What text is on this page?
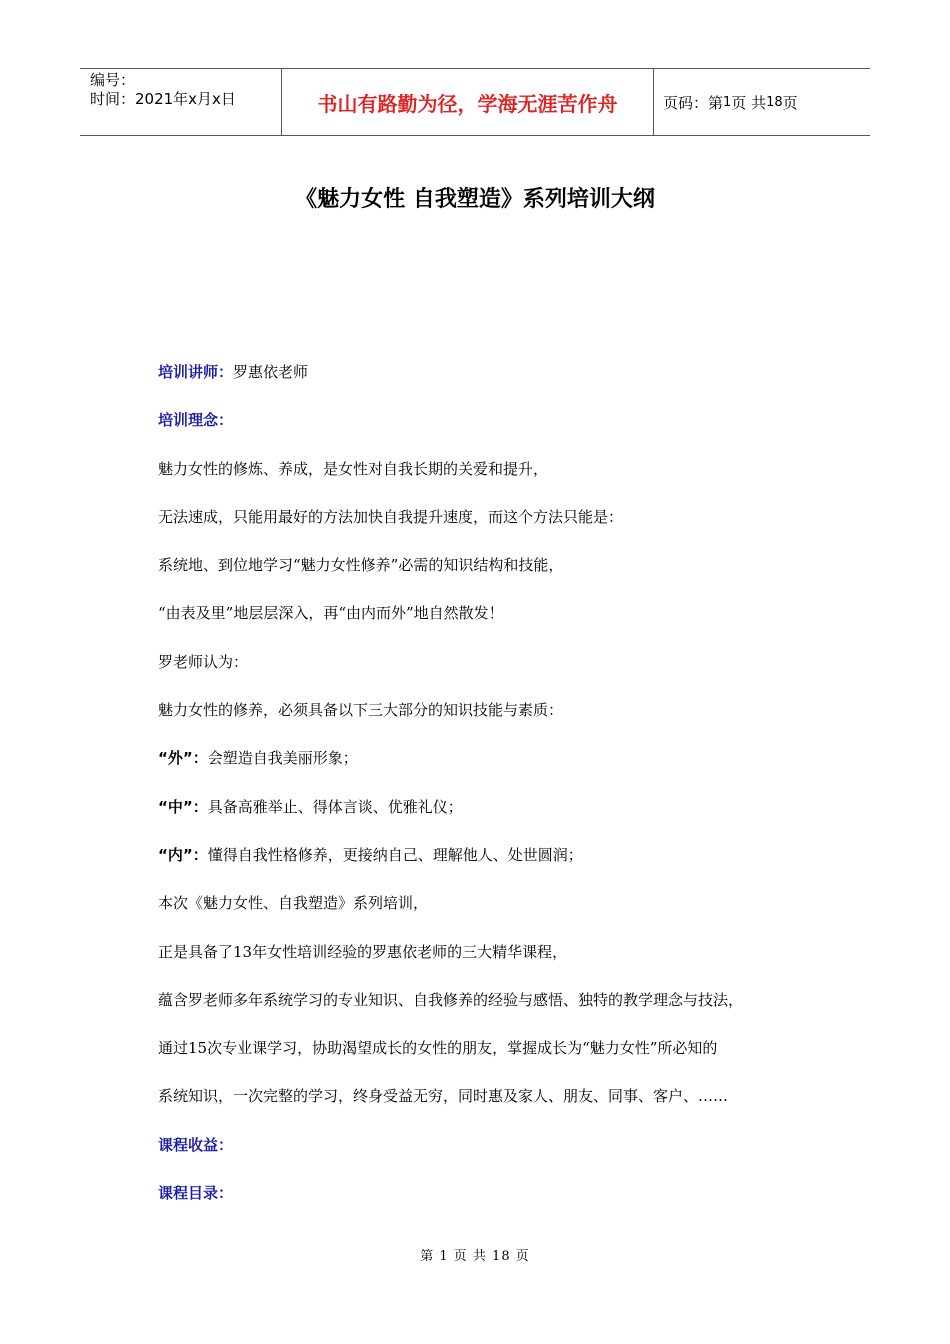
编号：
时间：2021年x月x日	书山有路勤为径，学海无涯苦作舟	页码：第 1 页 共 18 页
《魅力女性 自我塑造》系列培训大纲
培训讲师：罗惠依老师
培训理念：
魅力女性的修炼、养成，是女性对自我长期的关爱和提升，
无法速成，只能用最好的方法加快自我提升速度，而这个方法只能是：
系统地、到位地学习“魅力女性修养”必需的知识结构和技能，
“由表及里”地层层深入，再“由内而外”地自然散发！
罗老师认为：
魅力女性的修养，必须具备以下三大部分的知识技能与素质：
“外”：会塑造自我美丽形象；
“中”：具备高雅举止、得体言谈、优雅礼仪；
“内”：懂得自我性格修养，更接纳自己、理解他人、处世圆润；
本次《魅力女性、自我塑造》系列培训，
正是具备了13年女性培训经验的罗惠依老师的三大精华课程，
蕴含罗老师多年系统学习的专业知识、自我修养的经验与感悟、独特的教学理念与技法，
通过15次专业课学习，协助渴望成长的女性的朋友，掌握成长为“魅力女性”所必知的
系统知识，一次完整的学习，终身受益无穷，同时惠及家人、朋友、同事、客户、……
课程收益：
课程目录：
第 1 页 共 18 页
